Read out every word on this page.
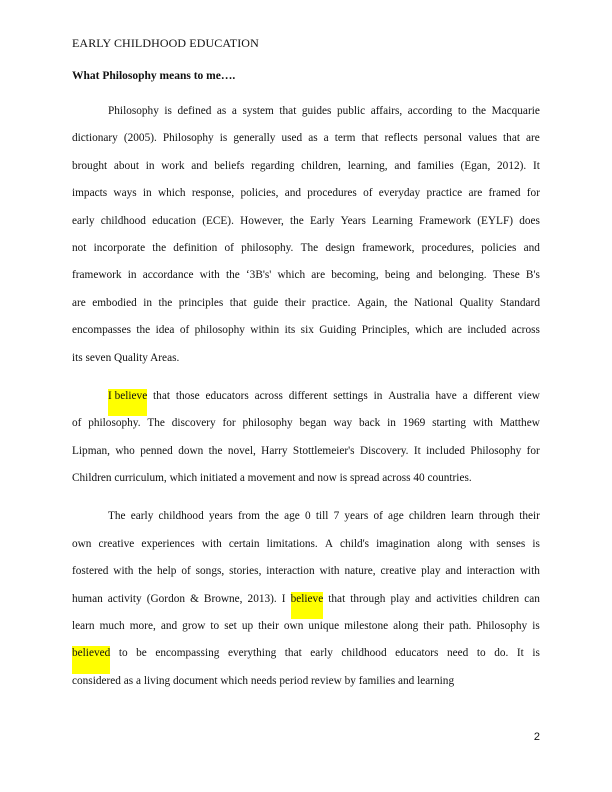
EARLY CHILDHOOD EDUCATION
What Philosophy means to me….
Philosophy is defined as a system that guides public affairs, according to the Macquarie
dictionary (2005). Philosophy is generally used as a term that reflects personal values that are
brought about in work and beliefs regarding children, learning, and families (Egan, 2012). It
impacts ways in which response, policies, and procedures of everyday practice are framed for
early childhood education (ECE). However, the Early Years Learning Framework (EYLF) does
not incorporate the definition of philosophy. The design framework, procedures, policies and
framework in accordance with the ‘3B's' which are becoming, being and belonging. These B's
are embodied in the principles that guide their practice. Again, the National Quality Standard
encompasses the idea of philosophy within its six Guiding Principles, which are included across
its seven Quality Areas.
I believe that those educators across different settings in Australia have a different view
of philosophy. The discovery for philosophy began way back in 1969 starting with Matthew
Lipman, who penned down the novel, Harry Stottlemeier's Discovery. It included Philosophy for
Children curriculum, which initiated a movement and now is spread across 40 countries.
The early childhood years from the age 0 till 7 years of age children learn through their
own creative experiences with certain limitations. A child's imagination along with senses is
fostered with the help of songs, stories, interaction with nature, creative play and interaction with
human activity (Gordon & Browne, 2013). I believe that through play and activities children can
learn much more, and grow to set up their own unique milestone along their path. Philosophy is
believed to be encompassing everything that early childhood educators need to do. It is
considered as a living document which needs period review by families and learning
2
